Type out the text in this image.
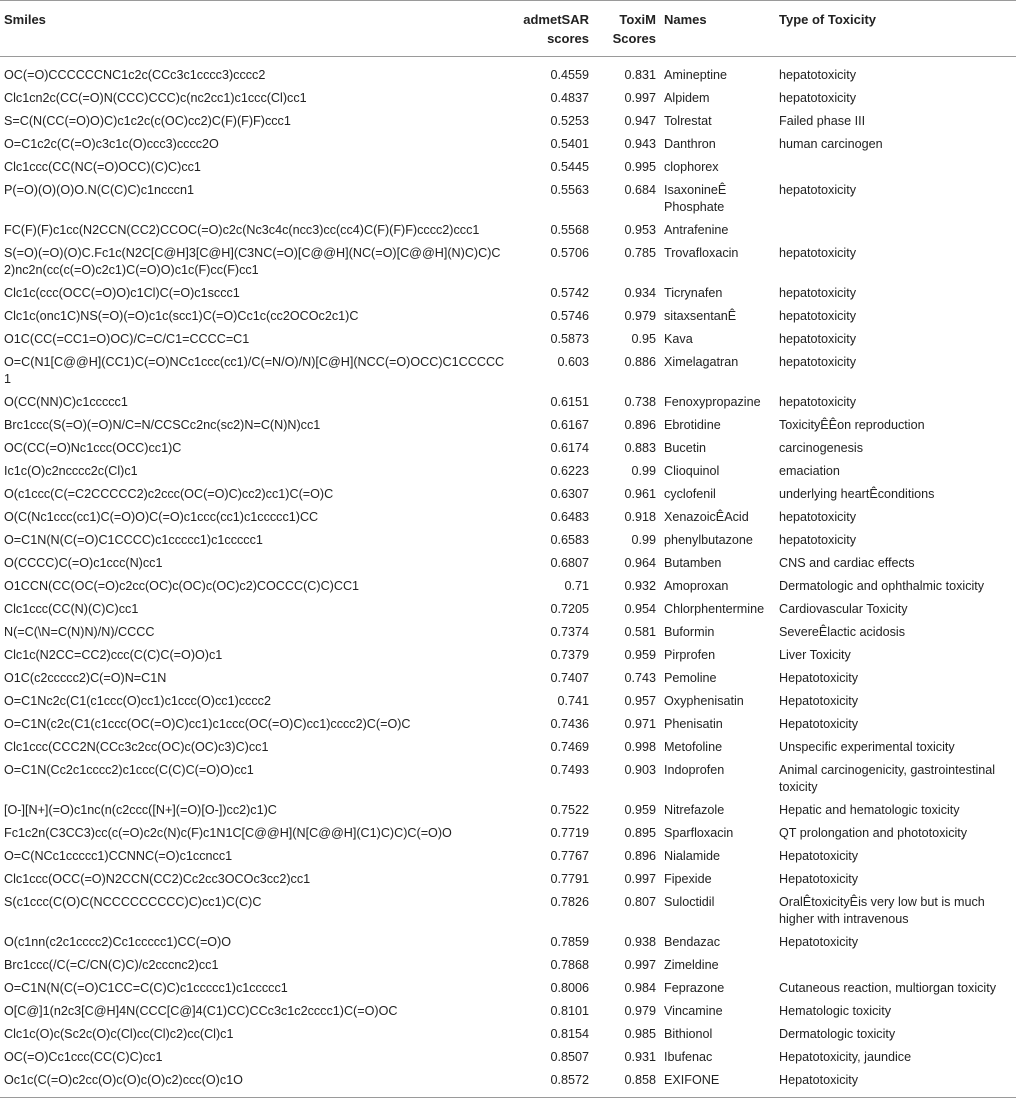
Smiles	admetSAR scores	ToxiM Scores	Names	Type of Toxicity
OC(=O)CCCCCCNC1c2c(CCc3c1cccc3)cccc2	0.4559	0.831	Amineptine	hepatotoxicity
Clc1cn2c(CC(=O)N(CCC)CCC)c(nc2cc1)c1ccc(Cl)cc1	0.4837	0.997	Alpidem	hepatotoxicity
S=C(N(CC(=O)O)C)c1c2c(c(OC)cc2)C(F)(F)F)ccc1	0.5253	0.947	Tolrestat	Failed phase III
O=C1c2c(C(=O)c3c1c(O)ccc3)cccc2O	0.5401	0.943	Danthron	human carcinogen
Clc1ccc(CC(NC(=O)OCC)(C)C)cc1	0.5445	0.995	clophorex	
P(=O)(O)(O)O.N(C(C)C)c1ncccn1	0.5563	0.684	IsaxonineÊ Phosphate	hepatotoxicity
FC(F)(F)c1cc(N2CCN(CC2)CCOC(=O)c2c(Nc3c4c(ncc3)cc(cc4)C(F)(F)F)cccc2)ccc1	0.5568	0.953	Antrafenine	
S(=O)(=O)(O)C.Fc1c(N2C[C@H]3[C@H](C3NC(=O)[C@@H](NC(=O)[C@@H](N)C)C)C2)nc2n(cc(c(=O)c2c1)C(=O)O)c1c(F)cc(F)cc1	0.5706	0.785	Trovafloxacin	hepatotoxicity
Clc1c(ccc(OCC(=O)O)c1Cl)C(=O)c1sccc1	0.5742	0.934	Ticrynafen	hepatotoxicity
Clc1c(onc1C)NS(=O)(=O)c1c(scc1)C(=O)Cc1c(cc2OCOc2c1)C	0.5746	0.979	sitaxsentanÊ	hepatotoxicity
O1C(CC(=CC1=O)OC)/C=C/C1=CCCC=C1	0.5873	0.95	Kava	hepatotoxicity
O=C(N1[C@@H](CC1)C(=O)NCc1ccc(cc1)/C(=N/O)/N)[C@H](NCC(=O)OCC)C1CCCCC1	0.603	0.886	Ximelagatran	hepatotoxicity
O(CC(NN)C)c1ccccc1	0.6151	0.738	Fenoxypropazine	hepatotoxicity
Brc1ccc(S(=O)(=O)N/C=N/CCSCc2nc(sc2)N=C(N)N)cc1	0.6167	0.896	Ebrotidine	ToxicityÊÊon reproduction
OC(CC(=O)Nc1ccc(OCC)cc1)C	0.6174	0.883	Bucetin	carcinogenesis
Ic1c(O)c2ncccc2c(Cl)c1	0.6223	0.99	Clioquinol	emaciation
O(c1ccc(C(=C2CCCCC2)c2ccc(OC(=O)C)cc2)cc1)C(=O)C	0.6307	0.961	cyclofenil	underlying heartÊconditions
O(C(Nc1ccc(cc1)C(=O)O)C(=O)c1ccc(cc1)c1ccccc1)CC	0.6483	0.918	XenazoicÊAcid	hepatotoxicity
O=C1N(N(C(=O)C1CCCC)c1ccccc1)c1ccccc1	0.6583	0.99	phenylbutazone	hepatotoxicity
O(CCCC)C(=O)c1ccc(N)cc1	0.6807	0.964	Butamben	CNS and cardiac effects
O1CCN(CC(OC(=O)c2cc(OC)c(OC)c(OC)c2)COCCC(C)C)CC1	0.71	0.932	Amoproxan	Dermatologic and ophthalmic toxicity
Clc1ccc(CC(N)(C)C)cc1	0.7205	0.954	Chlorphentermine	Cardiovascular Toxicity
N(=C(\N=C(N)N)/N)/CCCC	0.7374	0.581	Buformin	SevereÊlactic acidosis
Clc1c(N2CC=CC2)ccc(C(C)C(=O)O)c1	0.7379	0.959	Pirprofen	Liver Toxicity
O1C(c2ccccc2)C(=O)N=C1N	0.7407	0.743	Pemoline	Hepatotoxicity
O=C1Nc2c(C1(c1ccc(O)cc1)c1ccc(O)cc1)cccc2	0.741	0.957	Oxyphenisatin	Hepatotoxicity
O=C1N(c2c(C1(c1ccc(OC(=O)C)cc1)c1ccc(OC(=O)C)cc1)cccc2)C(=O)C	0.7436	0.971	Phenisatin	Hepatotoxicity
Clc1ccc(CCC2N(CCc3c2cc(OC)c(OC)c3)C)cc1	0.7469	0.998	Metofoline	Unspecific experimental toxicity
O=C1N(Cc2c1cccc2)c1ccc(C(C)C(=O)O)cc1	0.7493	0.903	Indoprofen	Animal carcinogenicity, gastrointestinal toxicity
[O-][N+](=O)c1nc(n(c2ccc([N+](=O)[O-])cc2)c1)C	0.7522	0.959	Nitrefazole	Hepatic and hematologic toxicity
Fc1c2n(C3CC3)cc(c(=O)c2c(N)c(F)c1N1C[C@@H](N[C@@H](C1)C)C)C(=O)O	0.7719	0.895	Sparfloxacin	QT prolongation and phototoxicity
O=C(NCc1ccccc1)CCNNC(=O)c1ccncc1	0.7767	0.896	Nialamide	Hepatotoxicity
Clc1ccc(OCC(=O)N2CCN(CC2)Cc2cc3OCOc3cc2)cc1	0.7791	0.997	Fipexide	Hepatotoxicity
S(c1ccc(C(O)C(NCCCCCCCCC)C)cc1)C(C)C	0.7826	0.807	Suloctidil	OralÊtoxicityÊis very low but is much higher with intravenous
O(c1nn(c2c1cccc2)Cc1ccccc1)CC(=O)O	0.7859	0.938	Bendazac	Hepatotoxicity
Brc1ccc(/C(=C/CN(C)C)/c2cccnc2)cc1	0.7868	0.997	Zimeldine	
O=C1N(N(C(=O)C1CC=C(C)C)c1ccccc1)c1ccccc1	0.8006	0.984	Feprazone	Cutaneous reaction, multiorgan toxicity
O[C@]1(n2c3[C@H]4N(CCC[C@]4(C1)CC)CCc3c1c2cccc1)C(=O)OC	0.8101	0.979	Vincamine	Hematologic toxicity
Clc1c(O)c(Sc2c(O)c(Cl)cc(Cl)c2)cc(Cl)c1	0.8154	0.985	Bithionol	Dermatologic toxicity
OC(=O)Cc1ccc(CC(C)C)cc1	0.8507	0.931	Ibufenac	Hepatotoxicity, jaundice
Oc1c(C(=O)c2cc(O)c(O)c(O)c2)ccc(O)c1O	0.8572	0.858	EXIFONE	Hepatotoxicity
